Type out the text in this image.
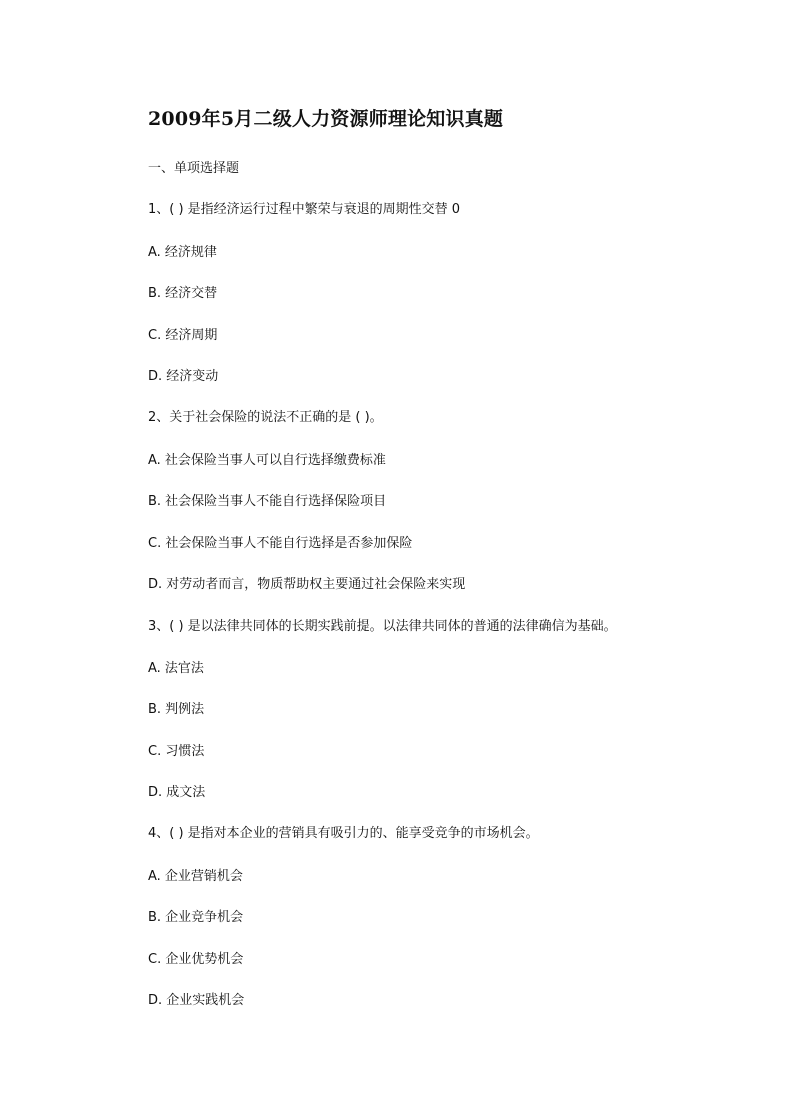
2009年5月二级人力资源师理论知识真题
一、单项选择题
1、( ) 是指经济运行过程中繁荣与衰退的周期性交替 0
A. 经济规律
B. 经济交替
C. 经济周期
D. 经济变动
2、关于社会保险的说法不正确的是 ( )。
A. 社会保险当事人可以自行选择缴费标准
B. 社会保险当事人不能自行选择保险项目
C. 社会保险当事人不能自行选择是否参加保险
D. 对劳动者而言，物质帮助权主要通过社会保险来实现
3、( ) 是以法律共同体的长期实践前提。以法律共同体的普通的法律确信为基础。
A. 法官法
B. 判例法
C. 习惯法
D. 成文法
4、( ) 是指对本企业的营销具有吸引力的、能享受竞争的市场机会。
A. 企业营销机会
B. 企业竞争机会
C. 企业优势机会
D. 企业实践机会
